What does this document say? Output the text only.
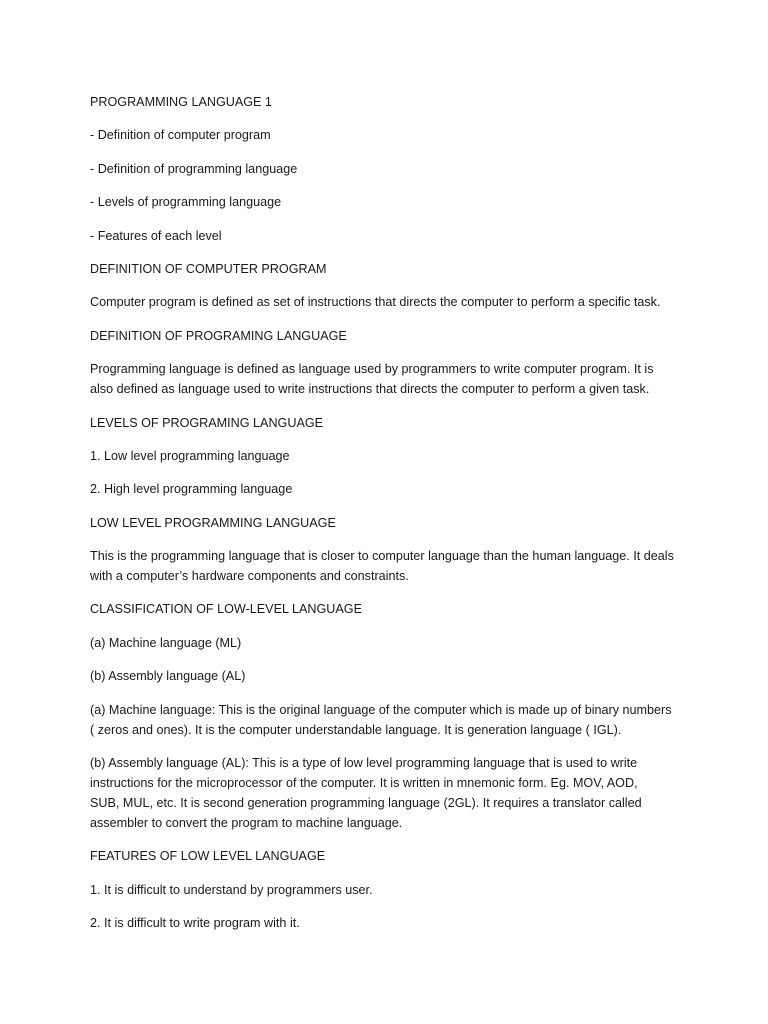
PROGRAMMING LANGUAGE 1

- Definition of computer program

- Definition of programming language

- Levels of programming language

- Features of each level

DEFINITION OF COMPUTER PROGRAM

Computer program is defined as set of instructions that directs the computer to perform a specific task.

DEFINITION OF PROGRAMING LANGUAGE

Programming language is defined as language used by programmers to write computer program. It is
also defined as language used to write instructions that directs the computer to perform a given task.

LEVELS OF PROGRAMING LANGUAGE

1. Low level programming language

2. High level programming language

LOW LEVEL PROGRAMMING LANGUAGE

This is the programming language that is closer to computer language than the human language. It deals
with a computer’s hardware components and constraints.

CLASSIFICATION OF LOW-LEVEL LANGUAGE

(a) Machine language (ML)

(b) Assembly language (AL)

(a) Machine language: This is the original language of the computer which is made up of binary numbers
( zeros and ones). It is the computer understandable language. It is generation language ( IGL).

(b) Assembly language (AL): This is a type of low level programming language that is used to write
instructions for the microprocessor of the computer. It is written in mnemonic form. Eg. MOV, AOD,
SUB, MUL, etc. It is second generation programming language (2GL). It requires a translator called
assembler to convert the program to machine language.

FEATURES OF LOW LEVEL LANGUAGE

1. It is difficult to understand by programmers user.

2. It is difficult to write program with it.
